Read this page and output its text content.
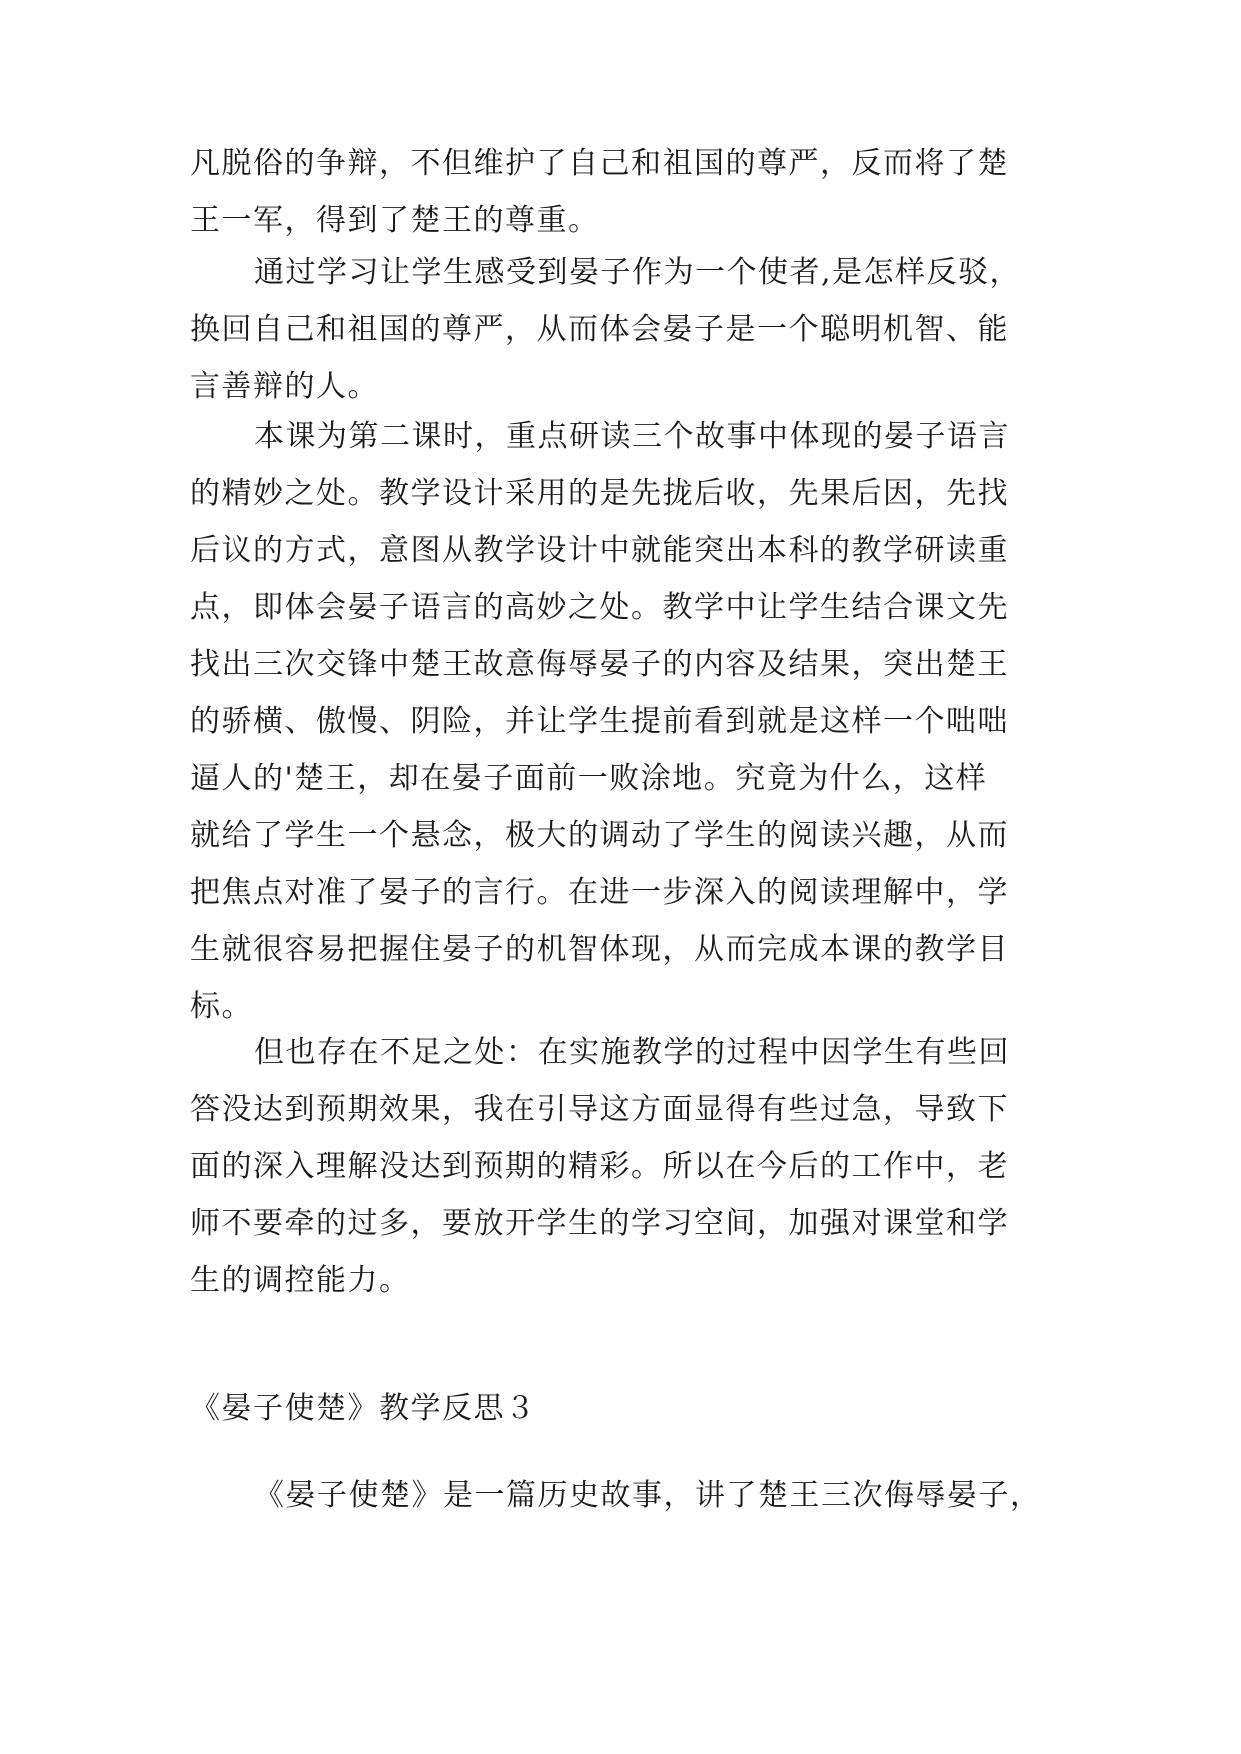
凡脱俗的争辩，不但维护了自己和祖国的尊严，反而将了楚
王一军，得到了楚王的尊重。
通过学习让学生感受到晏子作为一个使者,是怎样反驳，
换回自己和祖国的尊严，从而体会晏子是一个聪明机智、能
言善辩的人。
本课为第二课时，重点研读三个故事中体现的晏子语言
的精妙之处。教学设计采用的是先拢后收，先果后因，先找
后议的方式，意图从教学设计中就能突出本科的教学研读重
点，即体会晏子语言的高妙之处。教学中让学生结合课文先
找出三次交锋中楚王故意侮辱晏子的内容及结果，突出楚王
的骄横、傲慢、阴险，并让学生提前看到就是这样一个咄咄
逼人的'楚王，却在晏子面前一败涂地。究竟为什么，这样
就给了学生一个悬念，极大的调动了学生的阅读兴趣，从而
把焦点对准了晏子的言行。在进一步深入的阅读理解中，学
生就很容易把握住晏子的机智体现，从而完成本课的教学目
标。
但也存在不足之处：在实施教学的过程中因学生有些回
答没达到预期效果，我在引导这方面显得有些过急，导致下
面的深入理解没达到预期的精彩。所以在今后的工作中，老
师不要牵的过多，要放开学生的学习空间，加强对课堂和学
生的调控能力。
《晏子使楚》教学反思３
《晏子使楚》是一篇历史故事，讲了楚王三次侮辱晏子，
